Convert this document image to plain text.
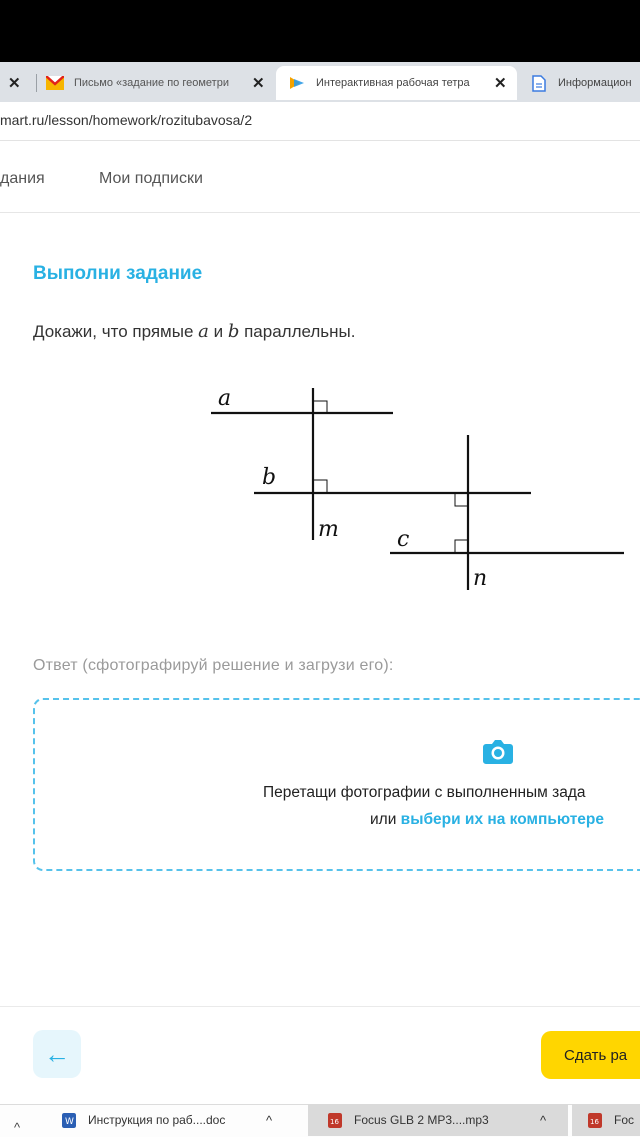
✕	Письмо «задание по геометри	✕	Интерактивная рабочая тетра	✕	Информацион
mart.ru/lesson/homework/rozitubavosa/2
дания	Мои подписки
Выполни задание
Докажи, что прямые a и b параллельны.
a
b
c
m
n
Ответ (сфотографируй решение и загрузи его):
Перетащи фотографии с выполненным зада
или выбери их на компьютере
←	Сдать ра
^	W Инструкция по раб....doc	^	16 Focus GLB 2 MP3....mp3	^	16 Foc
